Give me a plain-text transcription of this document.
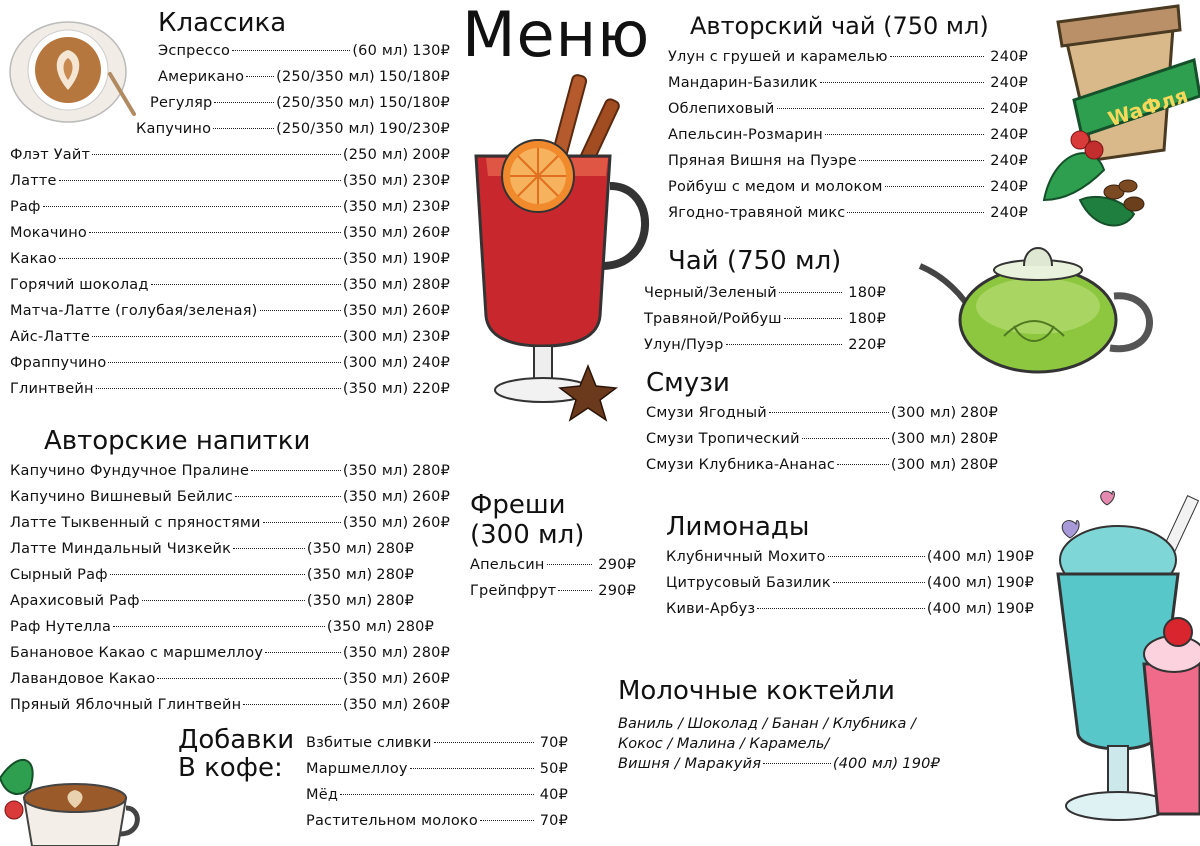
WaФля
Меню
Классика
Эспрессо	(60 мл) 130₽
Американо (250/350 мл) 150/180₽
Регуляр	(250/350 мл) 150/180₽
Капучино	(250/350 мл) 190/230₽
Флэт Уайт	(250 мл) 200₽
Латте	(350 мл) 230₽
Раф	(350 мл) 230₽
Мокачино	(350 мл) 260₽
Какао	(350 мл) 190₽
Горячий шоколад	(350 мл) 280₽
Матча-Латте (голубая/зеленая)	(350 мл) 260₽
Айс-Латте	(300 мл) 230₽
Фраппучино	(300 мл) 240₽
Глинтвейн	(350 мл) 220₽
Авторские напитки
Капучино Фундучное Пралине	(350 мл) 280₽
Капучино Вишневый Бейлис	(350 мл) 260₽
Латте Тыквенный с пряностями	(350 мл) 260₽
Латте Миндальный Чизкейк	(350 мл) 280₽
Сырный Раф	(350 мл) 280₽
Арахисовый Раф	(350 мл) 280₽
Раф Нутелла	(350 мл) 280₽
Банановое Какао с маршмеллоу	(350 мл) 280₽
Лавандовое Какао	(350 мл) 260₽
Пряный Яблочный Глинтвейн	(350 мл) 260₽
Добавки
В кофе:
Взбитые сливки	70₽
Маршмеллоу	50₽
Мёд	40₽
Растительном молоко	70₽
Фреши
(300 мл)
Апельсин	290₽
Грейпфрут	290₽
Авторский чай (750 мл)
Улун с грушей и карамелью	240₽
Мандарин-Базилик	240₽
Облепиховый	240₽
Апельсин-Розмарин	240₽
Пряная Вишня на Пуэре	240₽
Ройбуш с медом и молоком	240₽
Ягодно-травяной микс	240₽
Чай (750 мл)
Черный/Зеленый	180₽
Травяной/Ройбуш	180₽
Улун/Пуэр	220₽
Смузи
Смузи Ягодный	(300 мл) 280₽
Смузи Тропический	(300 мл) 280₽
Смузи Клубника-Ананас	(300 мл) 280₽
Лимонады
Клубничный Мохито	(400 мл) 190₽
Цитрусовый Базилик	(400 мл) 190₽
Киви-Арбуз	(400 мл) 190₽
Молочные коктейли
Ваниль / Шоколад / Банан / Клубника /
Кокос / Малина / Карамель/
Вишня / Маракуйя	(400 мл) 190₽
